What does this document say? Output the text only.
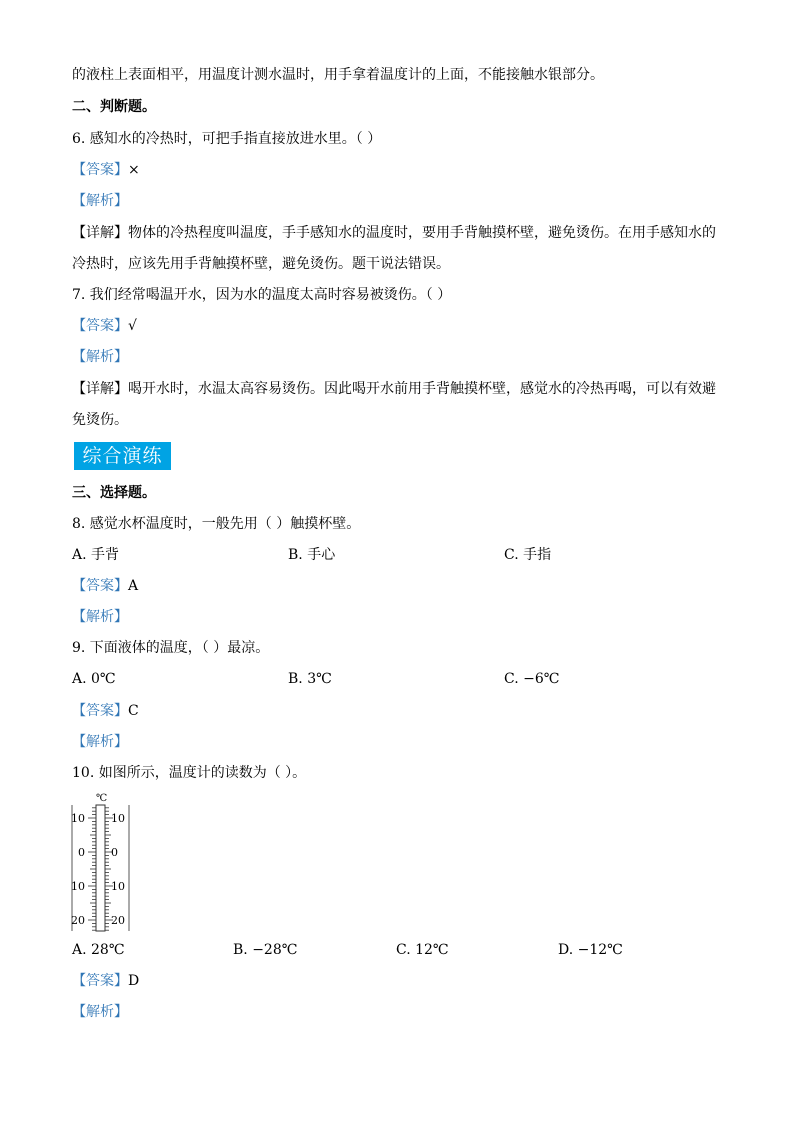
的液柱上表面相平，用温度计测水温时，用手拿着温度计的上面，不能接触水银部分。
二、判断题。
6. 感知水的冷热时，可把手指直接放进水里。（ ）
【答案】×
【解析】
【详解】物体的冷热程度叫温度，手手感知水的温度时，要用手背触摸杯壁，避免烫伤。在用手感知水的
冷热时，应该先用手背触摸杯壁，避免烫伤。题干说法错误。
7. 我们经常喝温开水，因为水的温度太高时容易被烫伤。（ ）
【答案】√
【解析】
【详解】喝开水时，水温太高容易烫伤。因此喝开水前用手背触摸杯壁，感觉水的冷热再喝，可以有效避
免烫伤。
综合演练
三、选择题。
8. 感觉水杯温度时，一般先用（ ）触摸杯壁。
A. 手背	B. 手心	C. 手指
【答案】A
【解析】
9. 下面液体的温度，（ ）最凉。
A. 0℃	B. 3℃	C. −6℃
【答案】C
【解析】
10. 如图所示，温度计的读数为（ ）。
℃
10
0
10
20
10
0
10
20
A. 28℃	B. −28℃	C. 12℃	D. −12℃
【答案】D
【解析】
